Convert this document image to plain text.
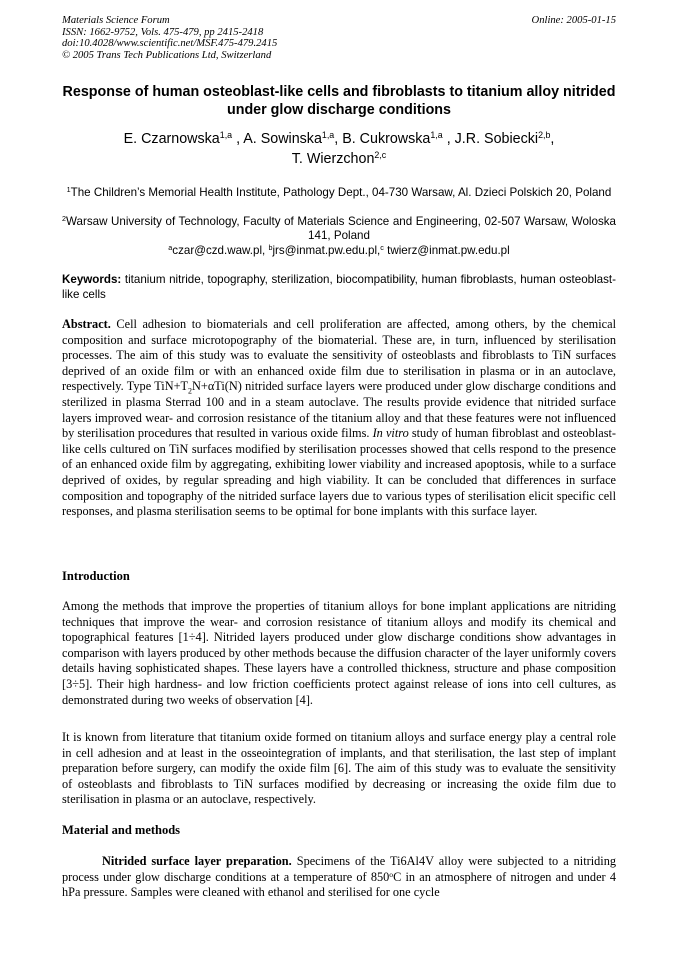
Materials Science Forum
ISSN: 1662-9752, Vols. 475-479, pp 2415-2418
doi:10.4028/www.scientific.net/MSF.475-479.2415
© 2005 Trans Tech Publications Ltd, Switzerland
Online: 2005-01-15
Response of human osteoblast-like cells and fibroblasts to titanium alloy nitrided under glow discharge conditions
E. Czarnowska$^{1,a}$ , A. Sowinska$^{1,a}$, B. Cukrowska$^{1,a}$ , J.R. Sobiecki$^{2,b}$,
T. Wierzchon$^{2,c}$
$^1$The Children’s Memorial Health Institute, Pathology Dept., 04-730 Warsaw, Al. Dzieci Polskich 20, Poland
$^2$Warsaw University of Technology, Faculty of Materials Science and Engineering, 02-507 Warsaw, Woloska 141, Poland
$^a$czar@czd.waw.pl, $^b$jrs@inmat.pw.edu.pl,$^c$ twierz@inmat.pw.edu.pl
Keywords: titanium nitride, topography, sterilization, biocompatibility, human fibroblasts, human osteoblast-like cells

Abstract. Cell adhesion to biomaterials and cell proliferation are affected, among others, by the chemical composition and surface microtopography of the biomaterial. These are, in turn, influenced by sterilisation processes. The aim of this study was to evaluate the sensitivity of osteoblasts and fibroblasts to TiN surfaces deprived of an oxide film or with an enhanced oxide film due to sterilisation in plasma or in an autoclave, respectively. Type $TiN+T_2N+\alpha Ti(N)$ nitrided surface layers were produced under glow discharge conditions and sterilized in plasma Sterrad 100 and in a steam autoclave. The results provide evidence that nitrided surface layers improved wear- and corrosion resistance of the titanium alloy and that these features were not influenced by sterilisation procedures that resulted in various oxide films. In vitro study of human fibroblast and osteoblast-like cells cultured on TiN surfaces modified by sterilisation processes showed that cells respond to the presence of an enhanced oxide film by aggregating, exhibiting lower viability and increased apoptosis, while to a surface deprived of oxides, by regular spreading and high viability. It can be concluded that differences in surface composition and topography of the nitrided surface layers due to various types of sterilisation elicit specific cell responses, and plasma sterilisation seems to be optimal for bone implants with this surface layer.

Introduction

Among the methods that improve the properties of titanium alloys for bone implant applications are nitriding techniques that improve the wear- and corrosion resistance of titanium alloys and modify its chemical and topographical features [1÷4]. Nitrided layers produced under glow discharge conditions show advantages in comparison with layers produced by other methods because the diffusion character of the layer uniformly covers details having sophisticated shapes. These layers have a controlled thickness, structure and phase composition [3÷5]. Their high hardness- and low friction coefficients protect against release of ions into cell cultures, as demonstrated during two weeks of observation [4].

It is known from literature that titanium oxide formed on titanium alloys and surface energy play a central role in cell adhesion and at least in the osseointegration of implants, and that sterilisation, the last step of implant preparation before surgery, can modify the oxide film [6]. The aim of this study was to evaluate the sensitivity of osteoblasts and fibroblasts to TiN surfaces modified by decreasing or increasing the oxide film due to sterilisation in plasma or an autoclave, respectively.

Material and methods

Nitrided surface layer preparation. Specimens of the Ti6Al4V alloy were subjected to a nitriding process under glow discharge conditions at a temperature of 850$^o$C in an atmosphere of nitrogen and under 4 hPa pressure. Samples were cleaned with ethanol and sterilised for one cycle
